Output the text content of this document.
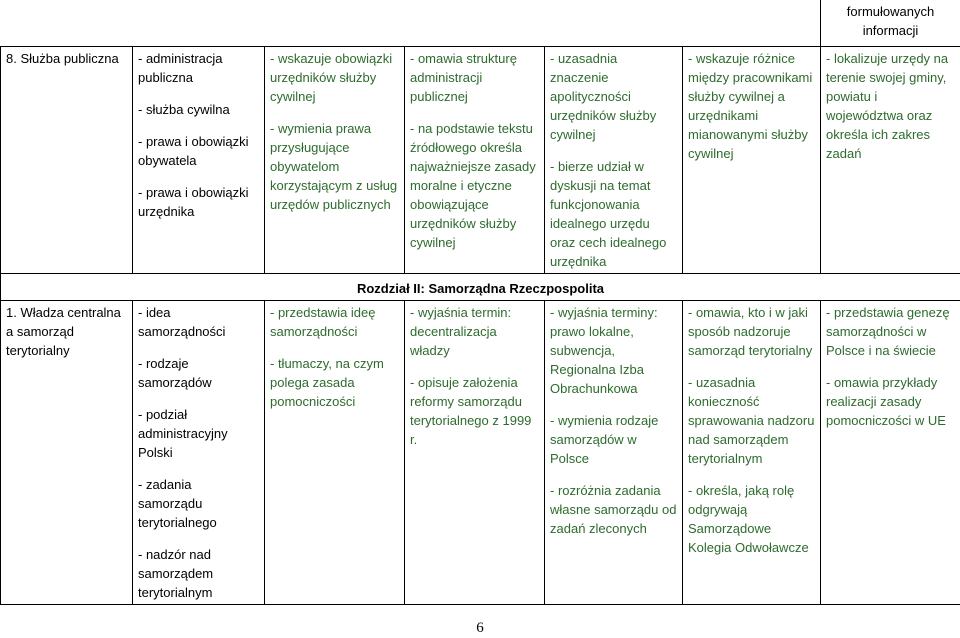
						formułowanych
informacji

8. Służba publiczna	- administracja publiczna
- służba cywilna
- prawa i obowiązki obywatela
- prawa i obowiązki urzędnika	- wskazuje obowiązki urzędników służby cywilnej
- wymienia prawa przysługujące obywatelom korzystającym z usług urzędów publicznych	- omawia strukturę administracji publicznej
- na podstawie tekstu źródłowego określa najważniejsze zasady moralne i etyczne obowiązujące urzędników służby cywilnej	- uzasadnia znaczenie apolityczności urzędników służby cywilnej
- bierze udział w dyskusji na temat funkcjonowania idealnego urzędu oraz cech idealnego urzędnika	- wskazuje różnice między pracownikami służby cywilnej a urzędnikami mianowanymi służby cywilnej	- lokalizuje urzędy na terenie swojej gminy, powiatu i województwa oraz określa ich zakres zadań

Rozdział II: Samorządna Rzeczpospolita						

1. Władza centralna a samorząd terytorialny	- idea samorządności
- rodzaje samorządów
- podział administracyjny Polski
- zadania samorządu terytorialnego
- nadzór nad samorządem terytorialnym	- przedstawia ideę samorządności
- tłumaczy, na czym polega zasada pomocniczości	- wyjaśnia termin: decentralizacja władzy
- opisuje założenia reformy samorządu terytorialnego z 1999 r.	- wyjaśnia terminy: prawo lokalne, subwencja, Regionalna Izba Obrachunkowa
- wymienia rodzaje samorządów w Polsce
- rozróżnia zadania własne samorządu od zadań zleconych	- omawia, kto i w jaki sposób nadzoruje samorząd terytorialny
- uzasadnia konieczność sprawowania nadzoru nad samorządem terytorialnym
- określa, jaką rolę odgrywają Samorządowe Kolegia Odwoławcze	- przedstawia genezę samorządności w Polsce i na świecie
- omawia przykłady realizacji zasady pomocniczości w UE
6
